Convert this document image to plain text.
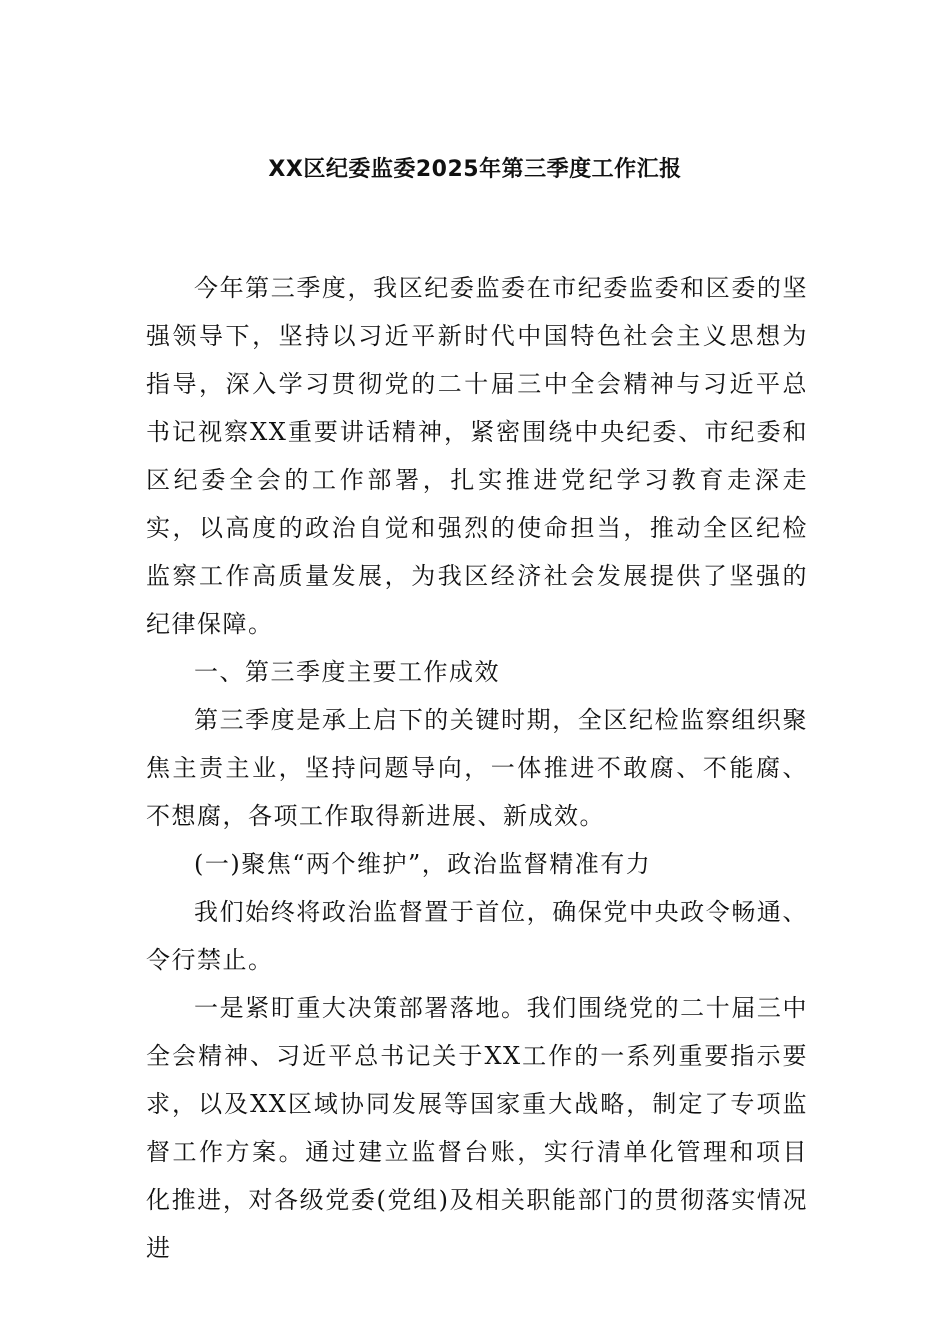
XX区纪委监委2025年第三季度工作汇报

今年第三季度，我区纪委监委在市纪委监委和区委的坚强领导下，坚持以习近平新时代中国特色社会主义思想为指导，深入学习贯彻党的二十届三中全会精神与习近平总书记视察XX重要讲话精神，紧密围绕中央纪委、市纪委和区纪委全会的工作部署，扎实推进党纪学习教育走深走实，以高度的政治自觉和强烈的使命担当，推动全区纪检监察工作高质量发展，为我区经济社会发展提供了坚强的纪律保障。

一、第三季度主要工作成效

第三季度是承上启下的关键时期，全区纪检监察组织聚焦主责主业，坚持问题导向，一体推进不敢腐、不能腐、不想腐，各项工作取得新进展、新成效。

(一)聚焦“两个维护”，政治监督精准有力

我们始终将政治监督置于首位，确保党中央政令畅通、令行禁止。

一是紧盯重大决策部署落地。我们围绕党的二十届三中全会精神、习近平总书记关于XX工作的一系列重要指示要求，以及XX区域协同发展等国家重大战略，制定了专项监督工作方案。通过建立监督台账，实行清单化管理和项目化推进，对各级党委(党组)及相关职能部门的贯彻落实情况进
